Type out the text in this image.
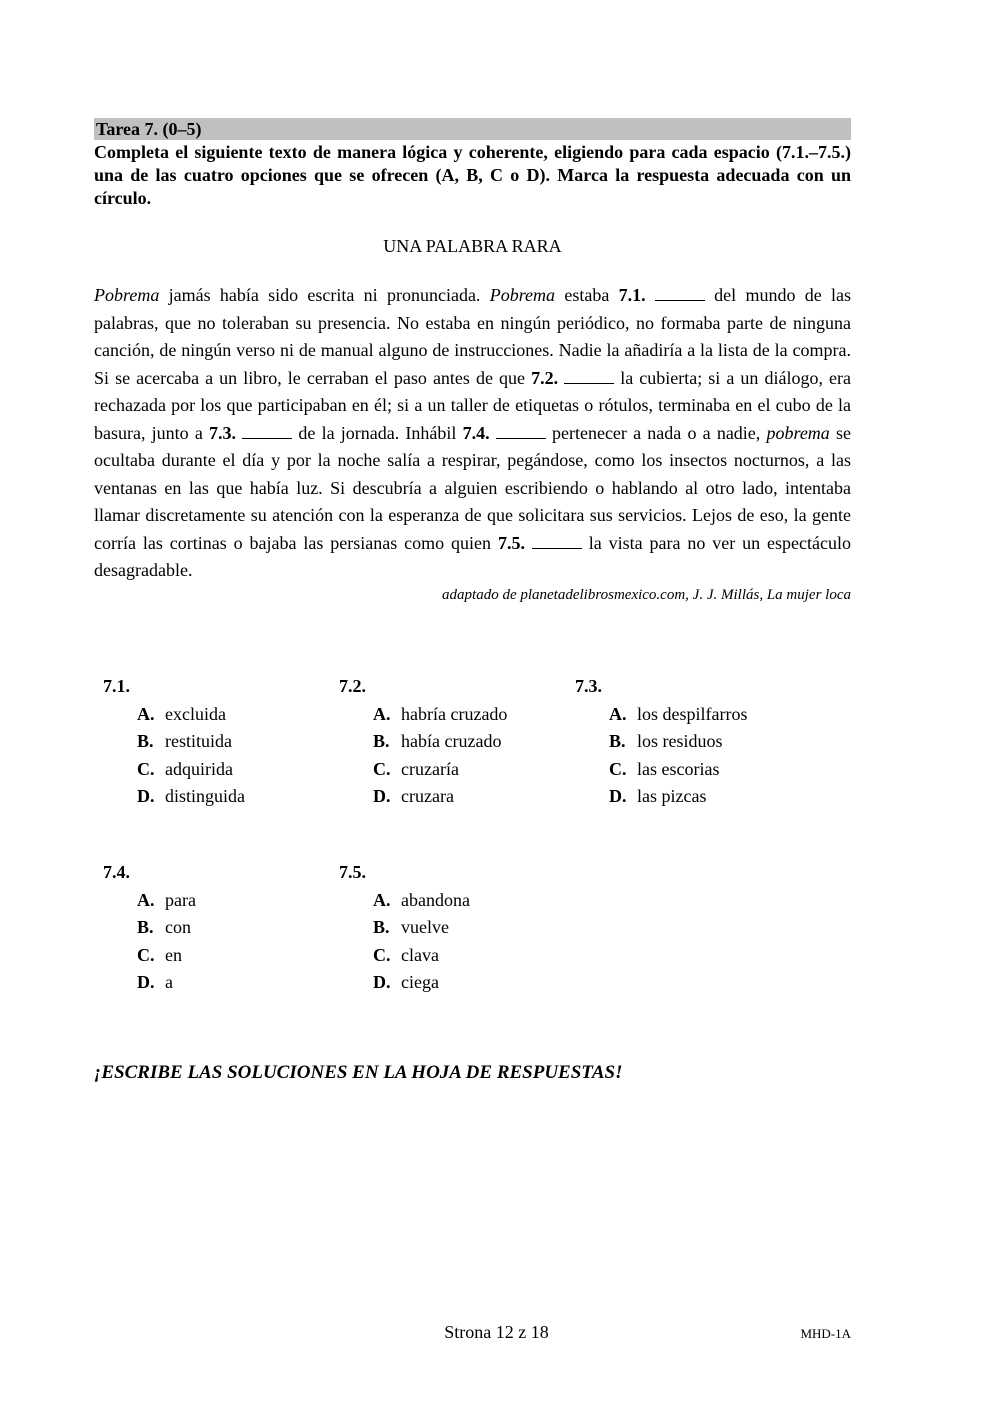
Tarea 7. (0–5)
Completa el siguiente texto de manera lógica y coherente, eligiendo para cada espacio (7.1.–7.5.) una de las cuatro opciones que se ofrecen (A, B, C o D). Marca la respuesta adecuada con un círculo.
UNA PALABRA RARA
Pobrema jamás había sido escrita ni pronunciada. Pobrema estaba 7.1.	del mundo de las palabras, que no toleraban su presencia. No estaba en ningún periódico, no formaba parte de ninguna canción, de ningún verso ni de manual alguno de instrucciones. Nadie la añadiría a la lista de la compra. Si se acercaba a un libro, le cerraban el paso antes de que 7.2.	la cubierta; si a un diálogo, era rechazada por los que participaban en él; si a un taller de etiquetas o rótulos, terminaba en el cubo de la basura, junto a 7.3.	de la jornada. Inhábil 7.4.	pertenecer a nada o a nadie, pobrema se ocultaba durante el día y por la noche salía a respirar, pegándose, como los insectos nocturnos, a las ventanas en las que había luz. Si descubría a alguien escribiendo o hablando al otro lado, intentaba llamar discretamente su atención con la esperanza de que solicitara sus servicios. Lejos de eso, la gente corría las cortinas o bajaba las persianas como quien 7.5.	la vista para no ver un espectáculo desagradable.
adaptado de planetadelibrosmexico.com, J. J. Millás, La mujer loca
7.1.
A. excluida
B. restituida
C. adquirida
D. distinguida
7.2.
A. habría cruzado
B. había cruzado
C. cruzaría
D. cruzara
7.3.
A. los despilfarros
B. los residuos
C. las escorias
D. las pizcas
7.4.
A. para
B. con
C. en
D. a
7.5.
A. abandona
B. vuelve
C. clava
D. ciega
¡ESCRIBE LAS SOLUCIONES EN LA HOJA DE RESPUESTAS!
Strona 12 z 18	MHD-1A
